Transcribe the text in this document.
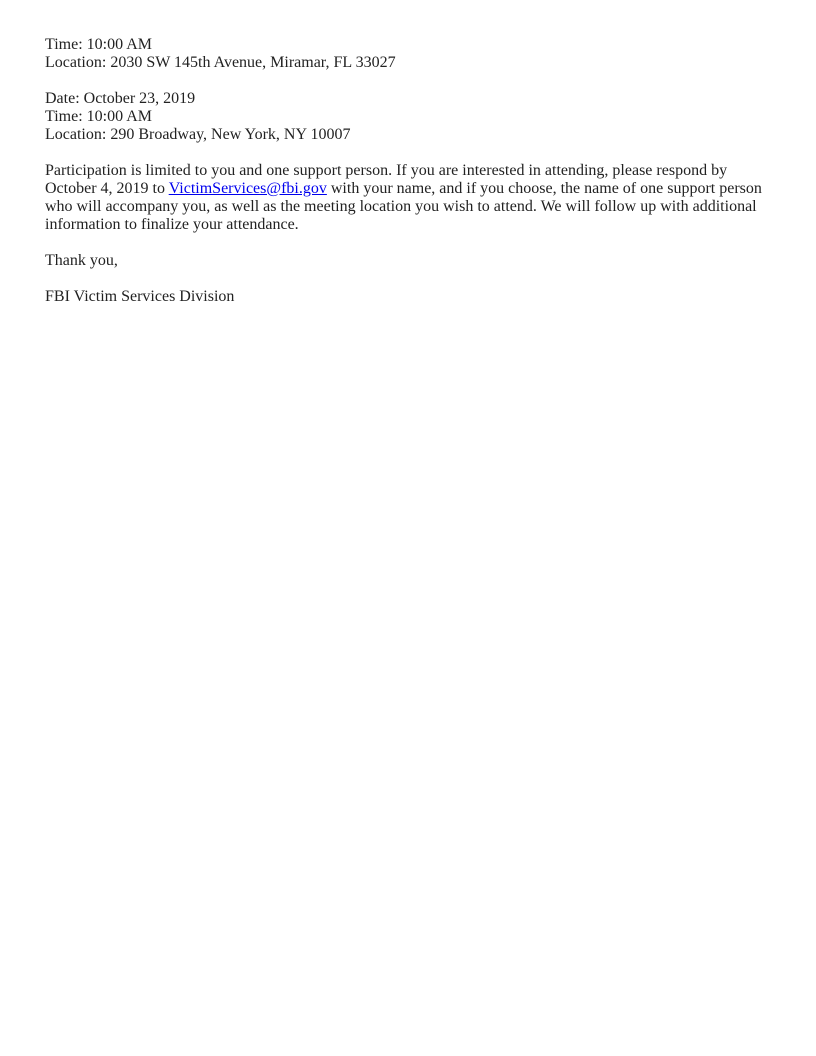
Time: 10:00 AM
Location: 2030 SW 145th Avenue, Miramar, FL 33027
Date: October 23, 2019
Time: 10:00 AM
Location: 290 Broadway, New York, NY 10007

Participation is limited to you and one support person. If you are interested in attending, please respond by October 4, 2019 to VictimServices@fbi.gov with your name, and if you choose, the name of one support person who will accompany you, as well as the meeting location you wish to attend. We will follow up with additional information to finalize your attendance.

Thank you,

FBI Victim Services Division
